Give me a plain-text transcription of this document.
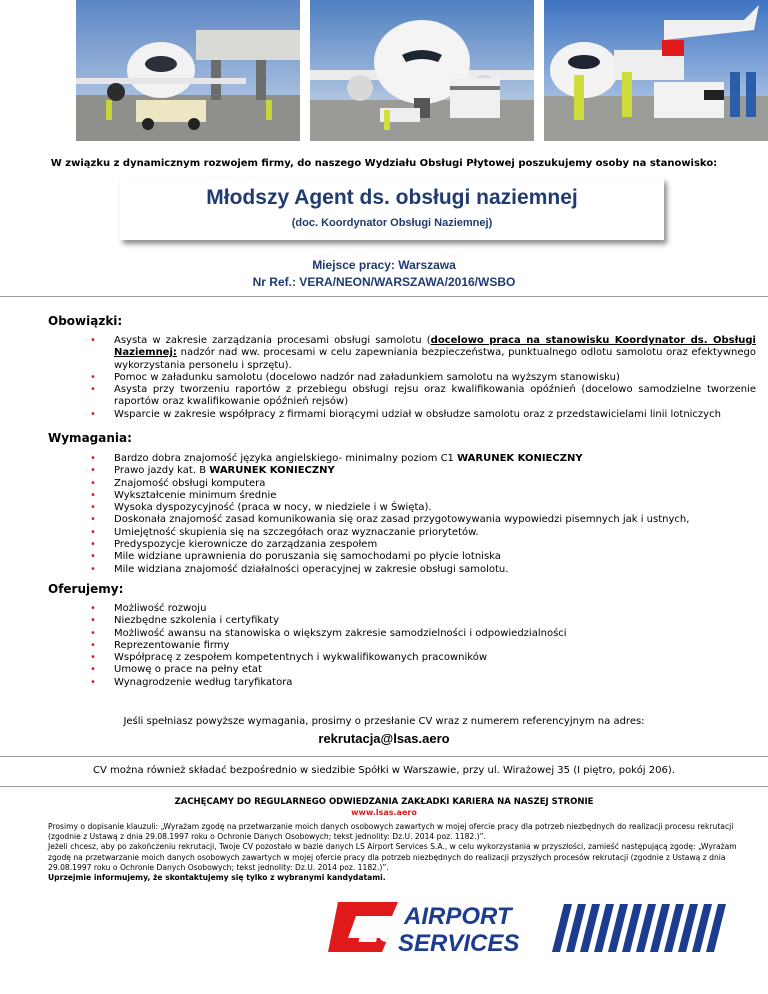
W związku z dynamicznym rozwojem firmy, do naszego Wydziału Obsługi Płytowej poszukujemy osoby na stanowisko:
Młodszy Agent ds. obsługi naziemnej
(doc. Koordynator Obsługi Naziemnej)
Miejsce pracy: Warszawa
Nr Ref.: VERA/NEON/WARSZAWA/2016/WSBO
Obowiązki:
• Asysta w zakresie zarządzania procesami obsługi samolotu (docelowo praca na stanowisku Koordynator ds. Obsługi Naziemnej: nadzór nad ww. procesami w celu zapewniania bezpieczeństwa, punktualnego odlotu samolotu oraz efektywnego wykorzystania personelu i sprzętu).
• Pomoc w załadunku samolotu (docelowo nadzór nad załadunkiem samolotu na wyższym stanowisku)
• Asysta przy tworzeniu raportów z przebiegu obsługi rejsu oraz kwalifikowania opóźnień (docelowo samodzielne tworzenie raportów oraz kwalifikowanie opóźnień rejsów)
• Wsparcie w zakresie współpracy z firmami biorącymi udział w obsłudze samolotu oraz z przedstawicielami linii lotniczych
Wymagania:
• Bardzo dobra znajomość języka angielskiego- minimalny poziom C1 WARUNEK KONIECZNY
• Prawo jazdy kat. B WARUNEK KONIECZNY
• Znajomość obsługi komputera
• Wykształcenie minimum średnie
• Wysoka dyspozycyjność (praca w nocy, w niedziele i w Święta).
• Doskonała znajomość zasad komunikowania się oraz zasad przygotowywania wypowiedzi pisemnych jak i ustnych,
• Umiejętność skupienia się na szczegółach oraz wyznaczanie priorytetów.
• Predyspozycje kierownicze do zarządzania zespołem
• Mile widziane uprawnienia do poruszania się samochodami po płycie lotniska
• Mile widziana znajomość działalności operacyjnej w zakresie obsługi samolotu.
Oferujemy:
• Możliwość rozwoju
• Niezbędne szkolenia i certyfikaty
• Możliwość awansu na stanowiska o większym zakresie samodzielności i odpowiedzialności
• Reprezentowanie firmy
• Współpracę z zespołem kompetentnych i wykwalifikowanych pracowników
• Umowę o prace na pełny etat
• Wynagrodzenie według taryfikatora
Jeśli spełniasz powyższe wymagania, prosimy o przesłanie CV wraz z numerem referencyjnym na adres:
rekrutacja@lsas.aero
CV można również składać bezpośrednio w siedzibie Spółki w Warszawie, przy ul. Wirażowej 35 (I piętro, pokój 206).
ZACHĘCAMY DO REGULARNEGO ODWIEDZANIA ZAKŁADKI KARIERA NA NASZEJ STRONIE
www.lsas.aero
Prosimy o dopisanie klauzuli: „Wyrażam zgodę na przetwarzanie moich danych osobowych zawartych w mojej ofercie pracy dla potrzeb niezbędnych do realizacji procesu rekrutacji (zgodnie z Ustawą z dnia 29.08.1997 roku o Ochronie Danych Osobowych; tekst jednolity: Dz.U. 2014 poz. 1182.)”.
Jeżeli chcesz, aby po zakończeniu rekrutacji, Twoje CV pozostało w bazie danych LS Airport Services S.A., w celu wykorzystania w przyszłości, zamieść następującą zgodę: „Wyrażam zgodę na przetwarzanie moich danych osobowych zawartych w mojej ofercie pracy dla potrzeb niezbędnych do realizacji przyszłych procesów rekrutacji (zgodnie z Ustawą z dnia 29.08.1997 roku o Ochronie Danych Osobowych; tekst jednolity: Dz.U. 2014 poz. 1182.)”.
Uprzejmie informujemy, że skontaktujemy się tylko z wybranymi kandydatami.
LS AIRPORT
SERVICES
